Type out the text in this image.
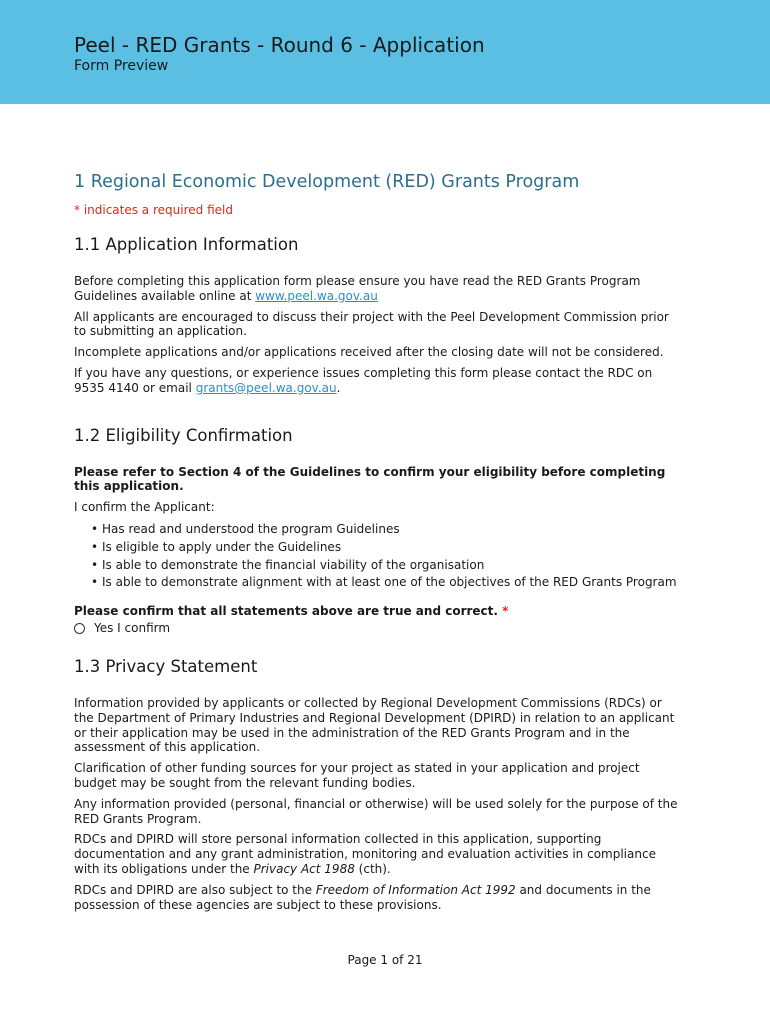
Peel - RED Grants - Round 6 - Application
Form Preview
1 Regional Economic Development (RED) Grants Program
* indicates a required field
1.1 Application Information

Before completing this application form please ensure you have read the RED Grants Program Guidelines available online at www.peel.wa.gov.au

All applicants are encouraged to discuss their project with the Peel Development Commission prior to submitting an application.

Incomplete applications and/or applications received after the closing date will not be considered.

If you have any questions, or experience issues completing this form please contact the RDC on 9535 4140 or email grants@peel.wa.gov.au.

1.2 Eligibility Confirmation

Please refer to Section 4 of the Guidelines to confirm your eligibility before completing this application.

I confirm the Applicant:

• Has read and understood the program Guidelines
• Is eligible to apply under the Guidelines
• Is able to demonstrate the financial viability of the organisation
• Is able to demonstrate alignment with at least one of the objectives of the RED Grants Program

Please confirm that all statements above are true and correct. *

Yes I confirm
1.3 Privacy Statement

Information provided by applicants or collected by Regional Development Commissions (RDCs) or the Department of Primary Industries and Regional Development (DPIRD) in relation to an applicant or their application may be used in the administration of the RED Grants Program and in the assessment of this application.

Clarification of other funding sources for your project as stated in your application and project budget may be sought from the relevant funding bodies.

Any information provided (personal, financial or otherwise) will be used solely for the purpose of the RED Grants Program.

RDCs and DPIRD will store personal information collected in this application, supporting documentation and any grant administration, monitoring and evaluation activities in compliance with its obligations under the Privacy Act 1988 (cth).

RDCs and DPIRD are also subject to the Freedom of Information Act 1992 and documents in the possession of these agencies are subject to these provisions.

Page 1 of 21
